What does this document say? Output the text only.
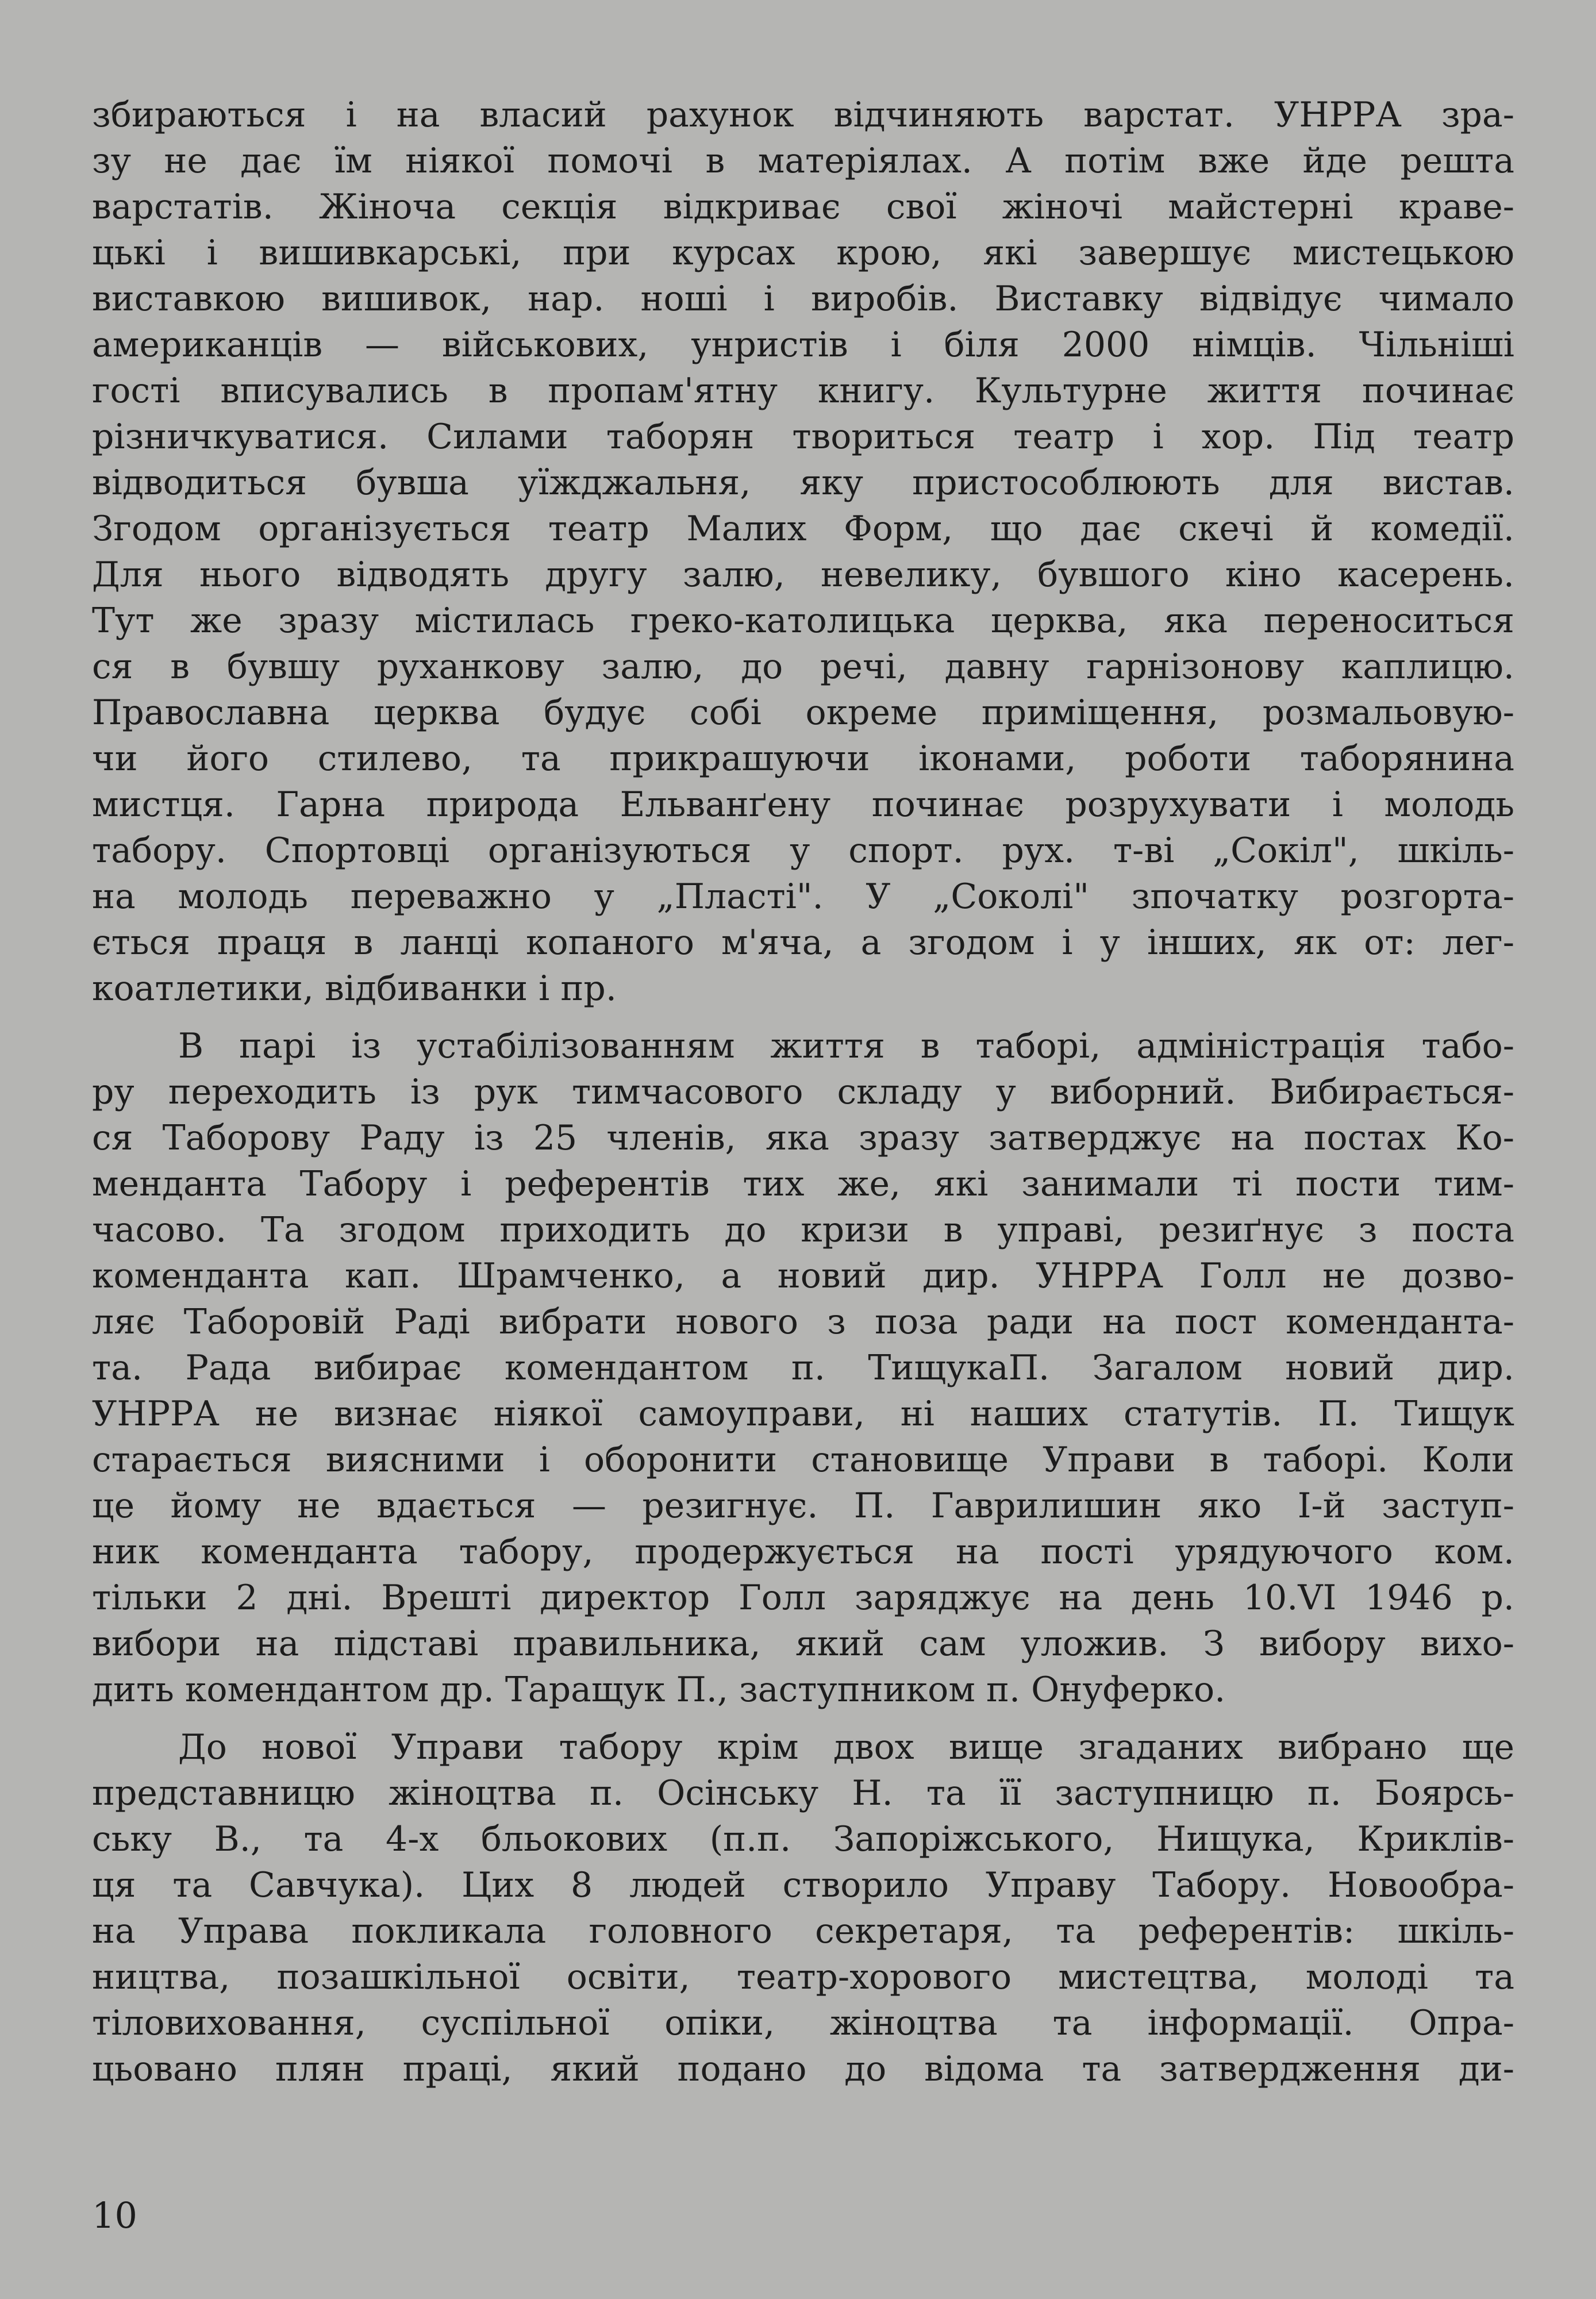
збираються і на власий рахунок відчиняють варстат. УНРРА зра-
зу не дає їм ніякої помочі в матеріялах. А потім вже йде решта
варстатів. Жіноча секція відкриває свої жіночі майстерні краве-
цькі і вишивкарські, при курсах крою, які завершує мистецькою
виставкою вишивок, нар. ноші і виробів. Виставку відвідує чимало
американців — військових, унристів і біля 2000 німців. Чільніші
гості вписувались в пропам'ятну книгу. Культурне життя починає
різничкуватися. Силами таборян твориться театр і хор. Під театр
відводиться бувша уїжджальня, яку пристособлюють для вистав.
Згодом організується театр Малих Форм, що дає скечі й комедії.
Для нього відводять другу залю, невелику, бувшого кіно касерень.
Тут же зразу містилась греко-католицька церква, яка переноситься
ся в бувшу руханкову залю, до речі, давну гарнізонову каплицю.
Православна церква будує собі окреме приміщення, розмальовую-
чи його стилево, та прикрашуючи іконами, роботи таборянина
мистця. Гарна природа Ельванґену починає розрухувати і молодь
табору. Спортовці організуються у спорт. рух. т-ві „Сокіл", шкіль-
на молодь переважно у „Пласті". У „Соколі" зпочатку розгорта-
ється праця в ланці копаного м'яча, а згодом і у інших, як от: лег-
коатлетики, відбиванки і пр.
В парі із устабілізованням життя в таборі, адміністрація табо-
ру переходить із рук тимчасового складу у виборний. Вибирається-
ся Таборову Раду із 25 членів, яка зразу затверджує на постах Ко-
менданта Табору і референтів тих же, які занимали ті пости тим-
часово. Та згодом приходить до кризи в управі, резиґнує з поста
коменданта кап. Шрамченко, а новий дир. УНРРА Голл не дозво-
ляє Таборовій Раді вибрати нового з поза ради на пост коменданта-
та. Рада вибирає комендантом п. ТищукаП. Загалом новий дир.
УНРРА не визнає ніякої самоуправи, ні наших статутів. П. Тищук
старається виясними і оборонити становище Управи в таборі. Коли
це йому не вдається — резигнує. П. Гаврилишин яко І-й заступ-
ник коменданта табору, продержується на пості урядуючого ком.
тільки 2 дні. Врешті директор Голл заряджує на день 10.VI 1946 р.
вибори на підставі правильника, який сам уложив. З вибору вихо-
дить комендантом др. Таращук П., заступником п. Онуферко.
До нової Управи табору крім двох вище згаданих вибрано ще
представницю жіноцтва п. Осінську Н. та її заступницю п. Боярсь-
ську В., та 4-х бльокових (п.п. Запоріжського, Нищука, Криклів-
ця та Савчука). Цих 8 людей створило Управу Табору. Новообра-
на Управа покликала головного секретаря, та референтів: шкіль-
ництва, позашкільної освіти, театр-хорового мистецтва, молоді та
тіловиховання, суспільної опіки, жіноцтва та інформації. Опра-
цьовано плян праці, який подано до відома та затвердження ди-
10
